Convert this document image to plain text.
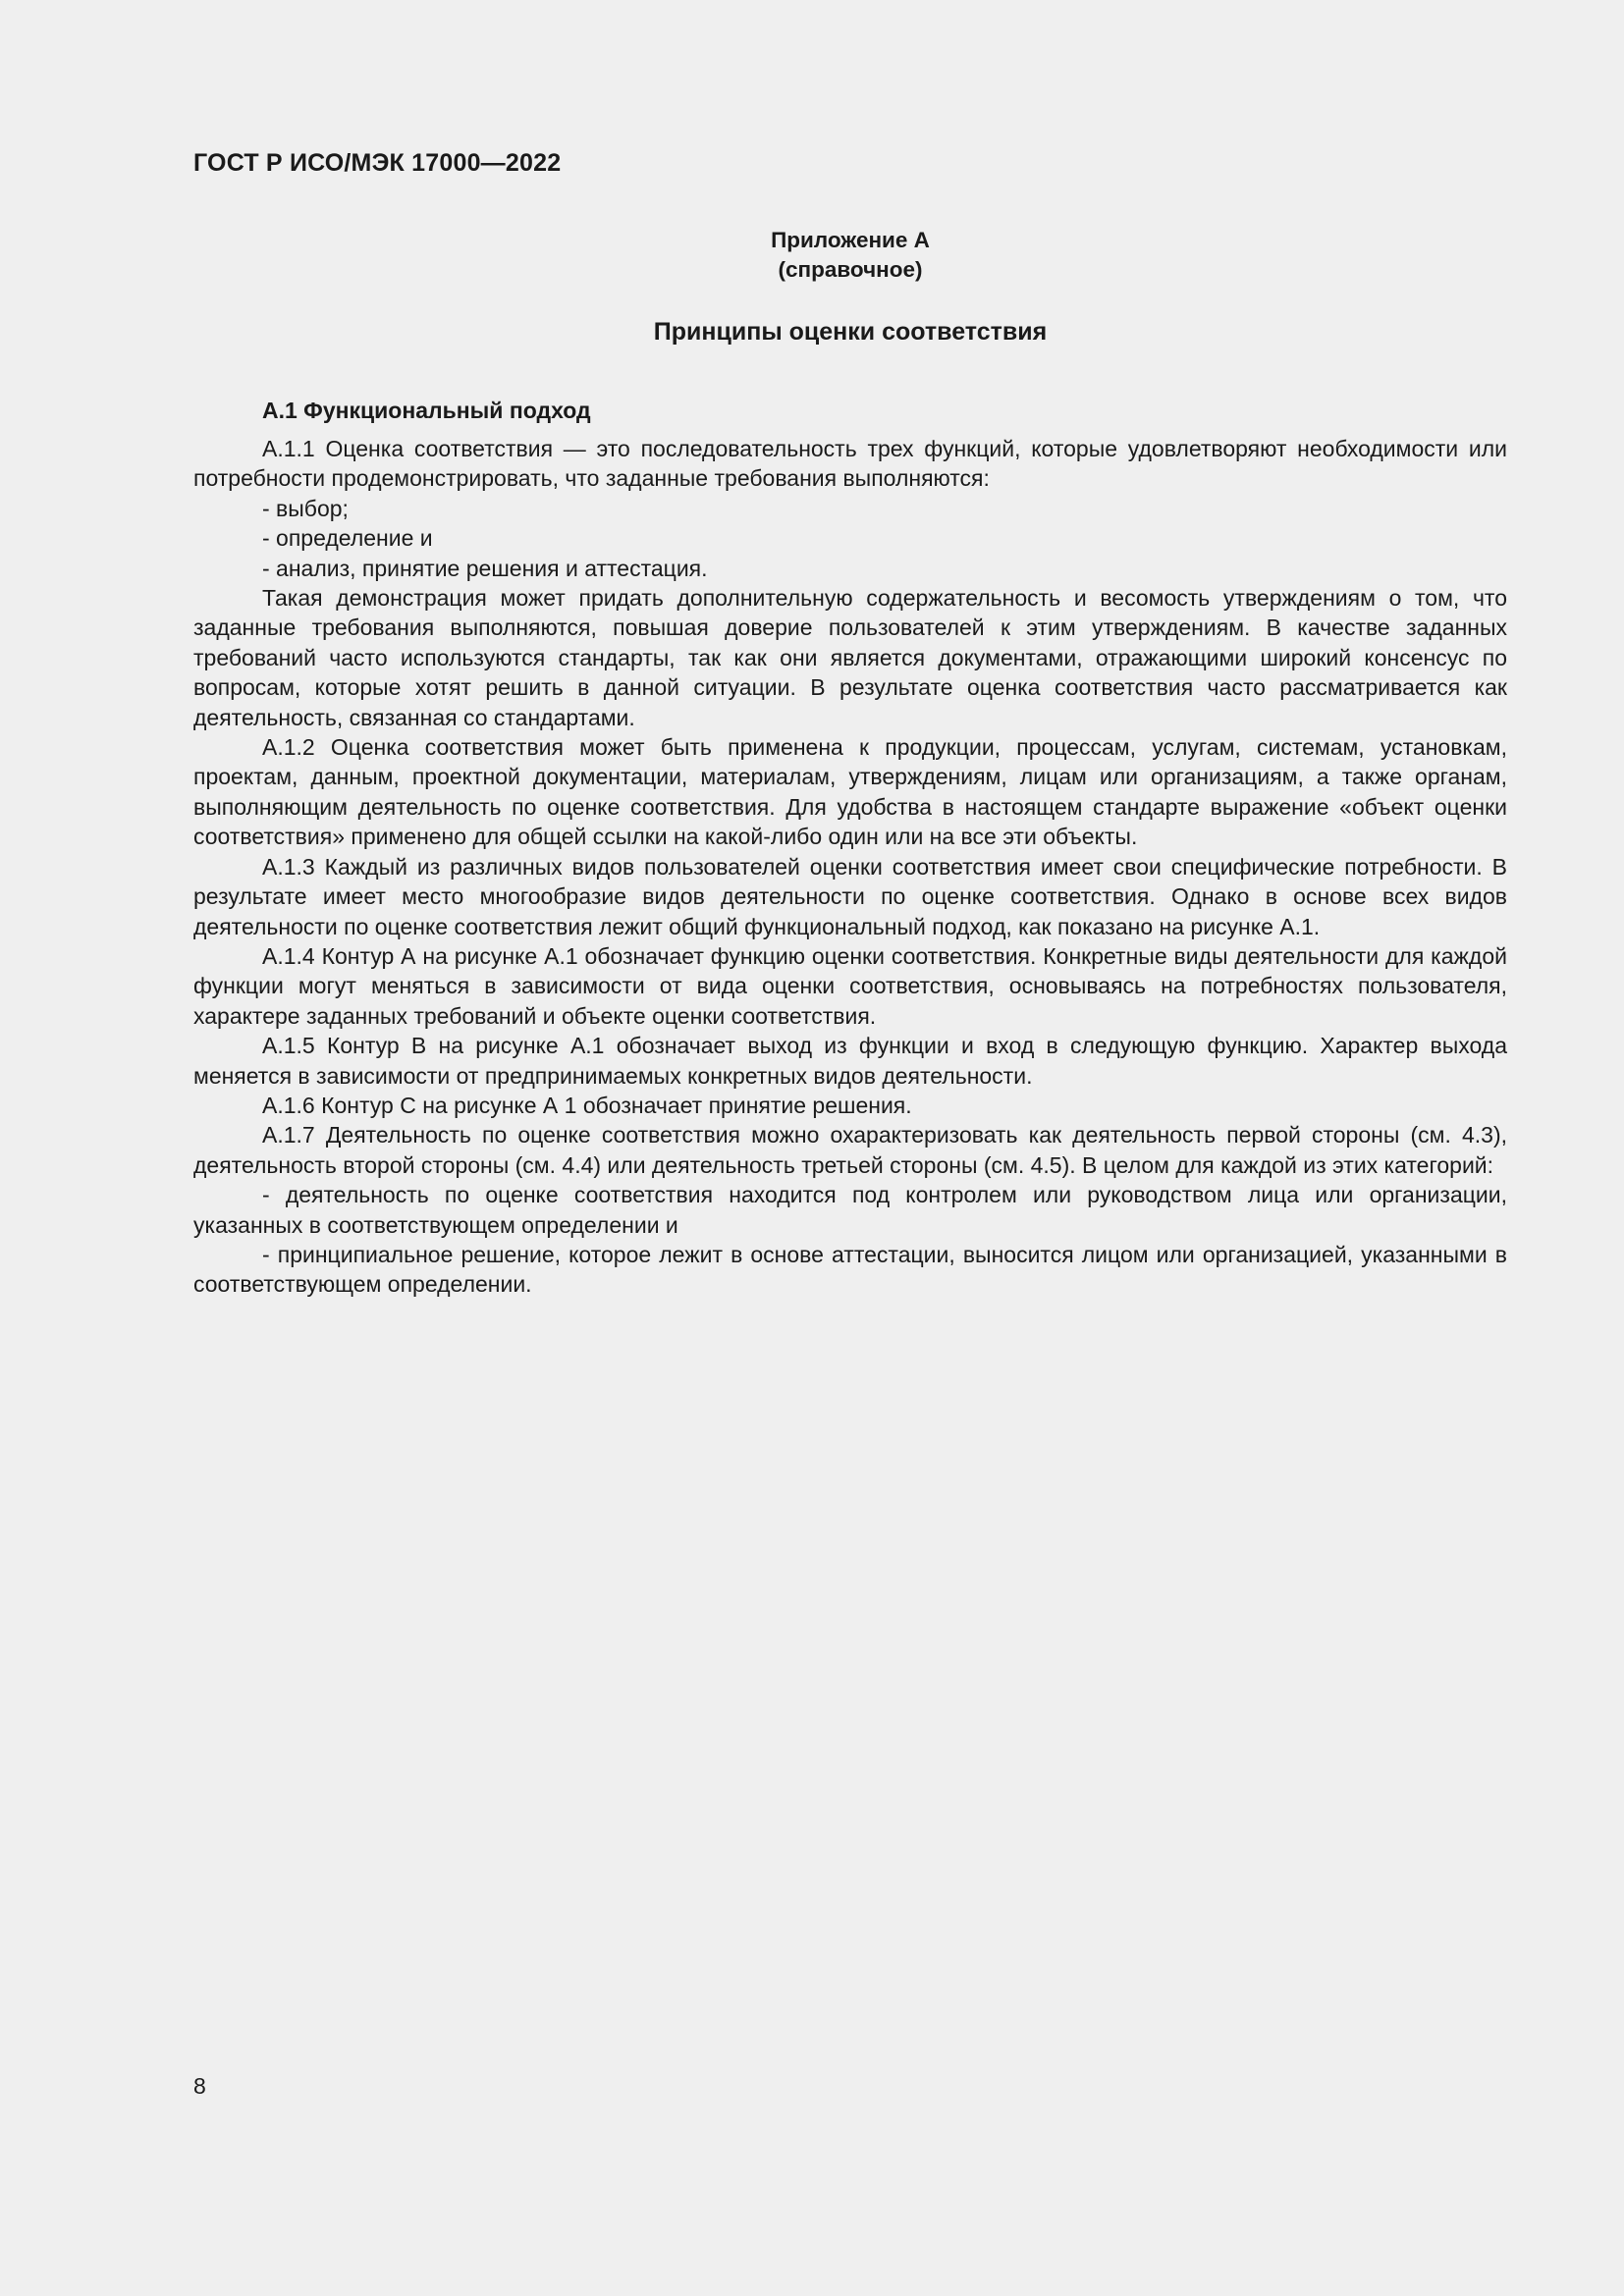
ГОСТ Р ИСО/МЭК 17000—2022
Приложение А
(справочное)
Принципы оценки соответствия
А.1 Функциональный подход

А.1.1 Оценка соответствия — это последовательность трех функций, которые удовлетворяют необходимости или потребности продемонстрировать, что заданные требования выполняются:

- выбор;

- определение и

- анализ, принятие решения и аттестация.

Такая демонстрация может придать дополнительную содержательность и весомость утверждениям о том, что заданные требования выполняются, повышая доверие пользователей к этим утверждениям. В качестве заданных требований часто используются стандарты, так как они является документами, отражающими широкий консенсус по вопросам, которые хотят решить в данной ситуации. В результате оценка соответствия часто рассматривается как деятельность, связанная со стандартами.

А.1.2 Оценка соответствия может быть применена к продукции, процессам, услугам, системам, установкам, проектам, данным, проектной документации, материалам, утверждениям, лицам или организациям, а также органам, выполняющим деятельность по оценке соответствия. Для удобства в настоящем стандарте выражение «объект оценки соответствия» применено для общей ссылки на какой-либо один или на все эти объекты.

А.1.3 Каждый из различных видов пользователей оценки соответствия имеет свои специфические потребности. В результате имеет место многообразие видов деятельности по оценке соответствия. Однако в основе всех видов деятельности по оценке соответствия лежит общий функциональный подход, как показано на рисунке А.1.

А.1.4 Контур А на рисунке А.1 обозначает функцию оценки соответствия. Конкретные виды деятельности для каждой функции могут меняться в зависимости от вида оценки соответствия, основываясь на потребностях пользователя, характере заданных требований и объекте оценки соответствия.

А.1.5 Контур В на рисунке А.1 обозначает выход из функции и вход в следующую функцию. Характер выхода меняется в зависимости от предпринимаемых конкретных видов деятельности.

А.1.6 Контур С на рисунке А 1 обозначает принятие решения.

А.1.7 Деятельность по оценке соответствия можно охарактеризовать как деятельность первой стороны (см. 4.3), деятельность второй стороны (см. 4.4) или деятельность третьей стороны (см. 4.5). В целом для каждой из этих категорий:

- деятельность по оценке соответствия находится под контролем или руководством лица или организации, указанных в соответствующем определении и

- принципиальное решение, которое лежит в основе аттестации, выносится лицом или организацией, указанными в соответствующем определении.

8
